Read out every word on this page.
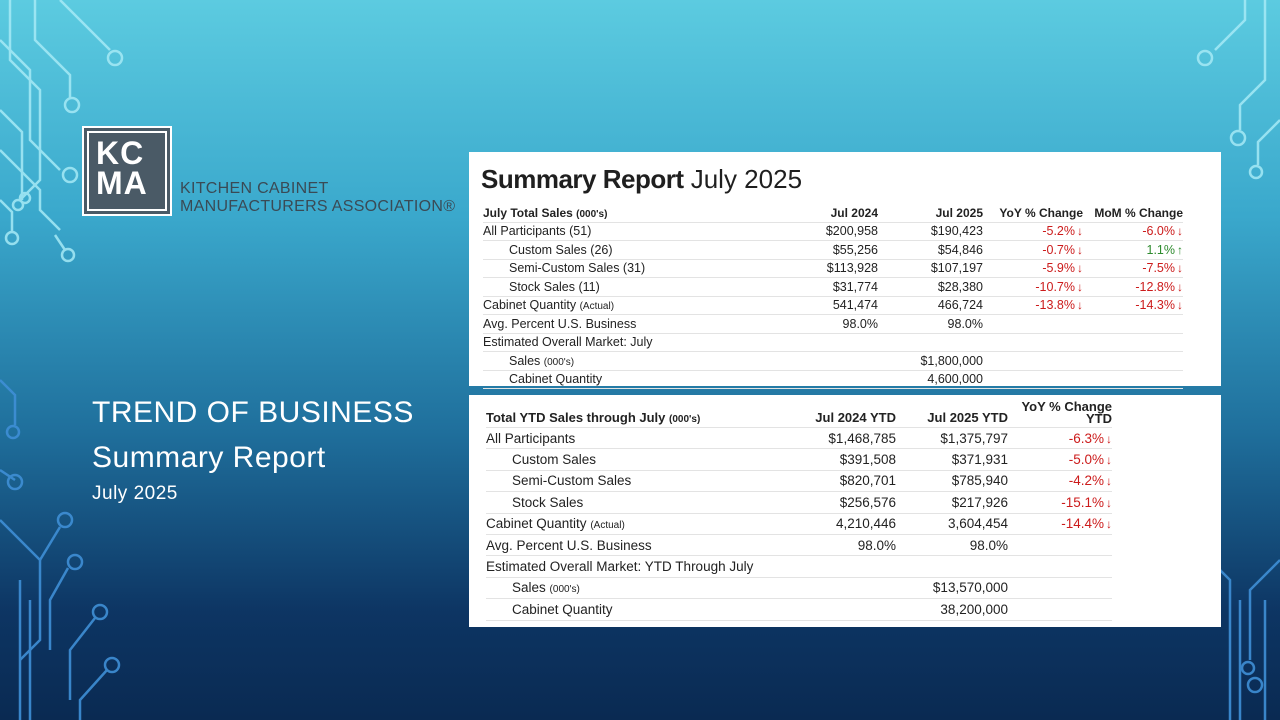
KC
MA	KITCHEN CABINET
MANUFACTURERS ASSOCIATION®
TREND OF BUSINESS
Summary Report
July 2025
Summary Report July 2025
July Total Sales (000's)	Jul 2024	Jul 2025	YoY % Change	MoM % Change
All Participants (51)	$200,958	$190,423	-5.2% ↓	-6.0% ↓
Custom Sales (26)	$55,256	$54,846	-0.7% ↓	1.1% ↑
Semi-Custom Sales (31)	$113,928	$107,197	-5.9% ↓	-7.5% ↓
Stock Sales (11)	$31,774	$28,380	-10.7% ↓	-12.8% ↓
Cabinet Quantity (Actual)	541,474	466,724	-13.8% ↓	-14.3% ↓
Avg. Percent U.S. Business	98.0%	98.0%		
Estimated Overall Market: July				
Sales (000's)		$1,800,000		
Cabinet Quantity		4,600,000		
Total YTD Sales through July (000's)	Jul 2024 YTD	Jul 2025 YTD	YoY % Change
YTD	
All Participants	$1,468,785	$1,375,797	-6.3% ↓	
Custom Sales	$391,508	$371,931	-5.0% ↓	
Semi-Custom Sales	$820,701	$785,940	-4.2% ↓	
Stock Sales	$256,576	$217,926	-15.1% ↓	
Cabinet Quantity (Actual)	4,210,446	3,604,454	-14.4% ↓	
Avg. Percent U.S. Business	98.0%	98.0%		
Estimated Overall Market: YTD Through July				
Sales (000's)		$13,570,000		
Cabinet Quantity		38,200,000		
